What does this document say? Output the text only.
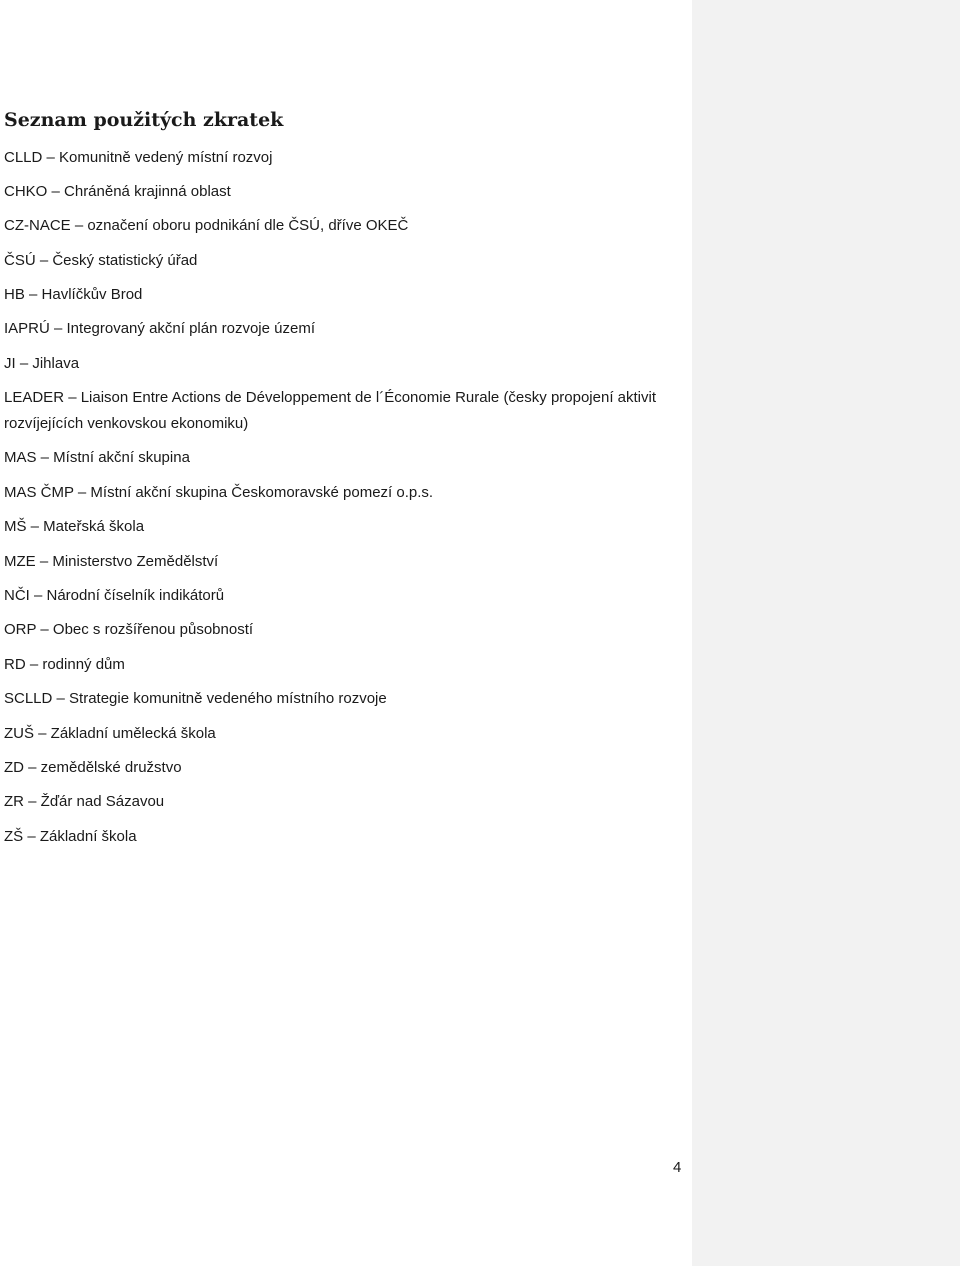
Seznam použitých zkratek
CLLD – Komunitně vedený místní rozvoj
CHKO – Chráněná krajinná oblast
CZ-NACE – označení oboru podnikání dle ČSÚ, dříve OKEČ
ČSÚ – Český statistický úřad
HB – Havlíčkův Brod
IAPRÚ – Integrovaný akční plán rozvoje území
JI – Jihlava
LEADER – Liaison Entre Actions de Développement de l´Économie Rurale (česky propojení aktivit rozvíjejících venkovskou ekonomiku)
MAS – Místní akční skupina
MAS ČMP – Místní akční skupina Českomoravské pomezí o.p.s.
MŠ – Mateřská škola
MZE – Ministerstvo Zemědělství
NČI – Národní číselník indikátorů
ORP – Obec s rozšířenou působností
RD – rodinný dům
SCLLD – Strategie komunitně vedeného místního rozvoje
ZUŠ – Základní umělecká škola
ZD – zemědělské družstvo
ZR – Žďár nad Sázavou
ZŠ – Základní škola
4
